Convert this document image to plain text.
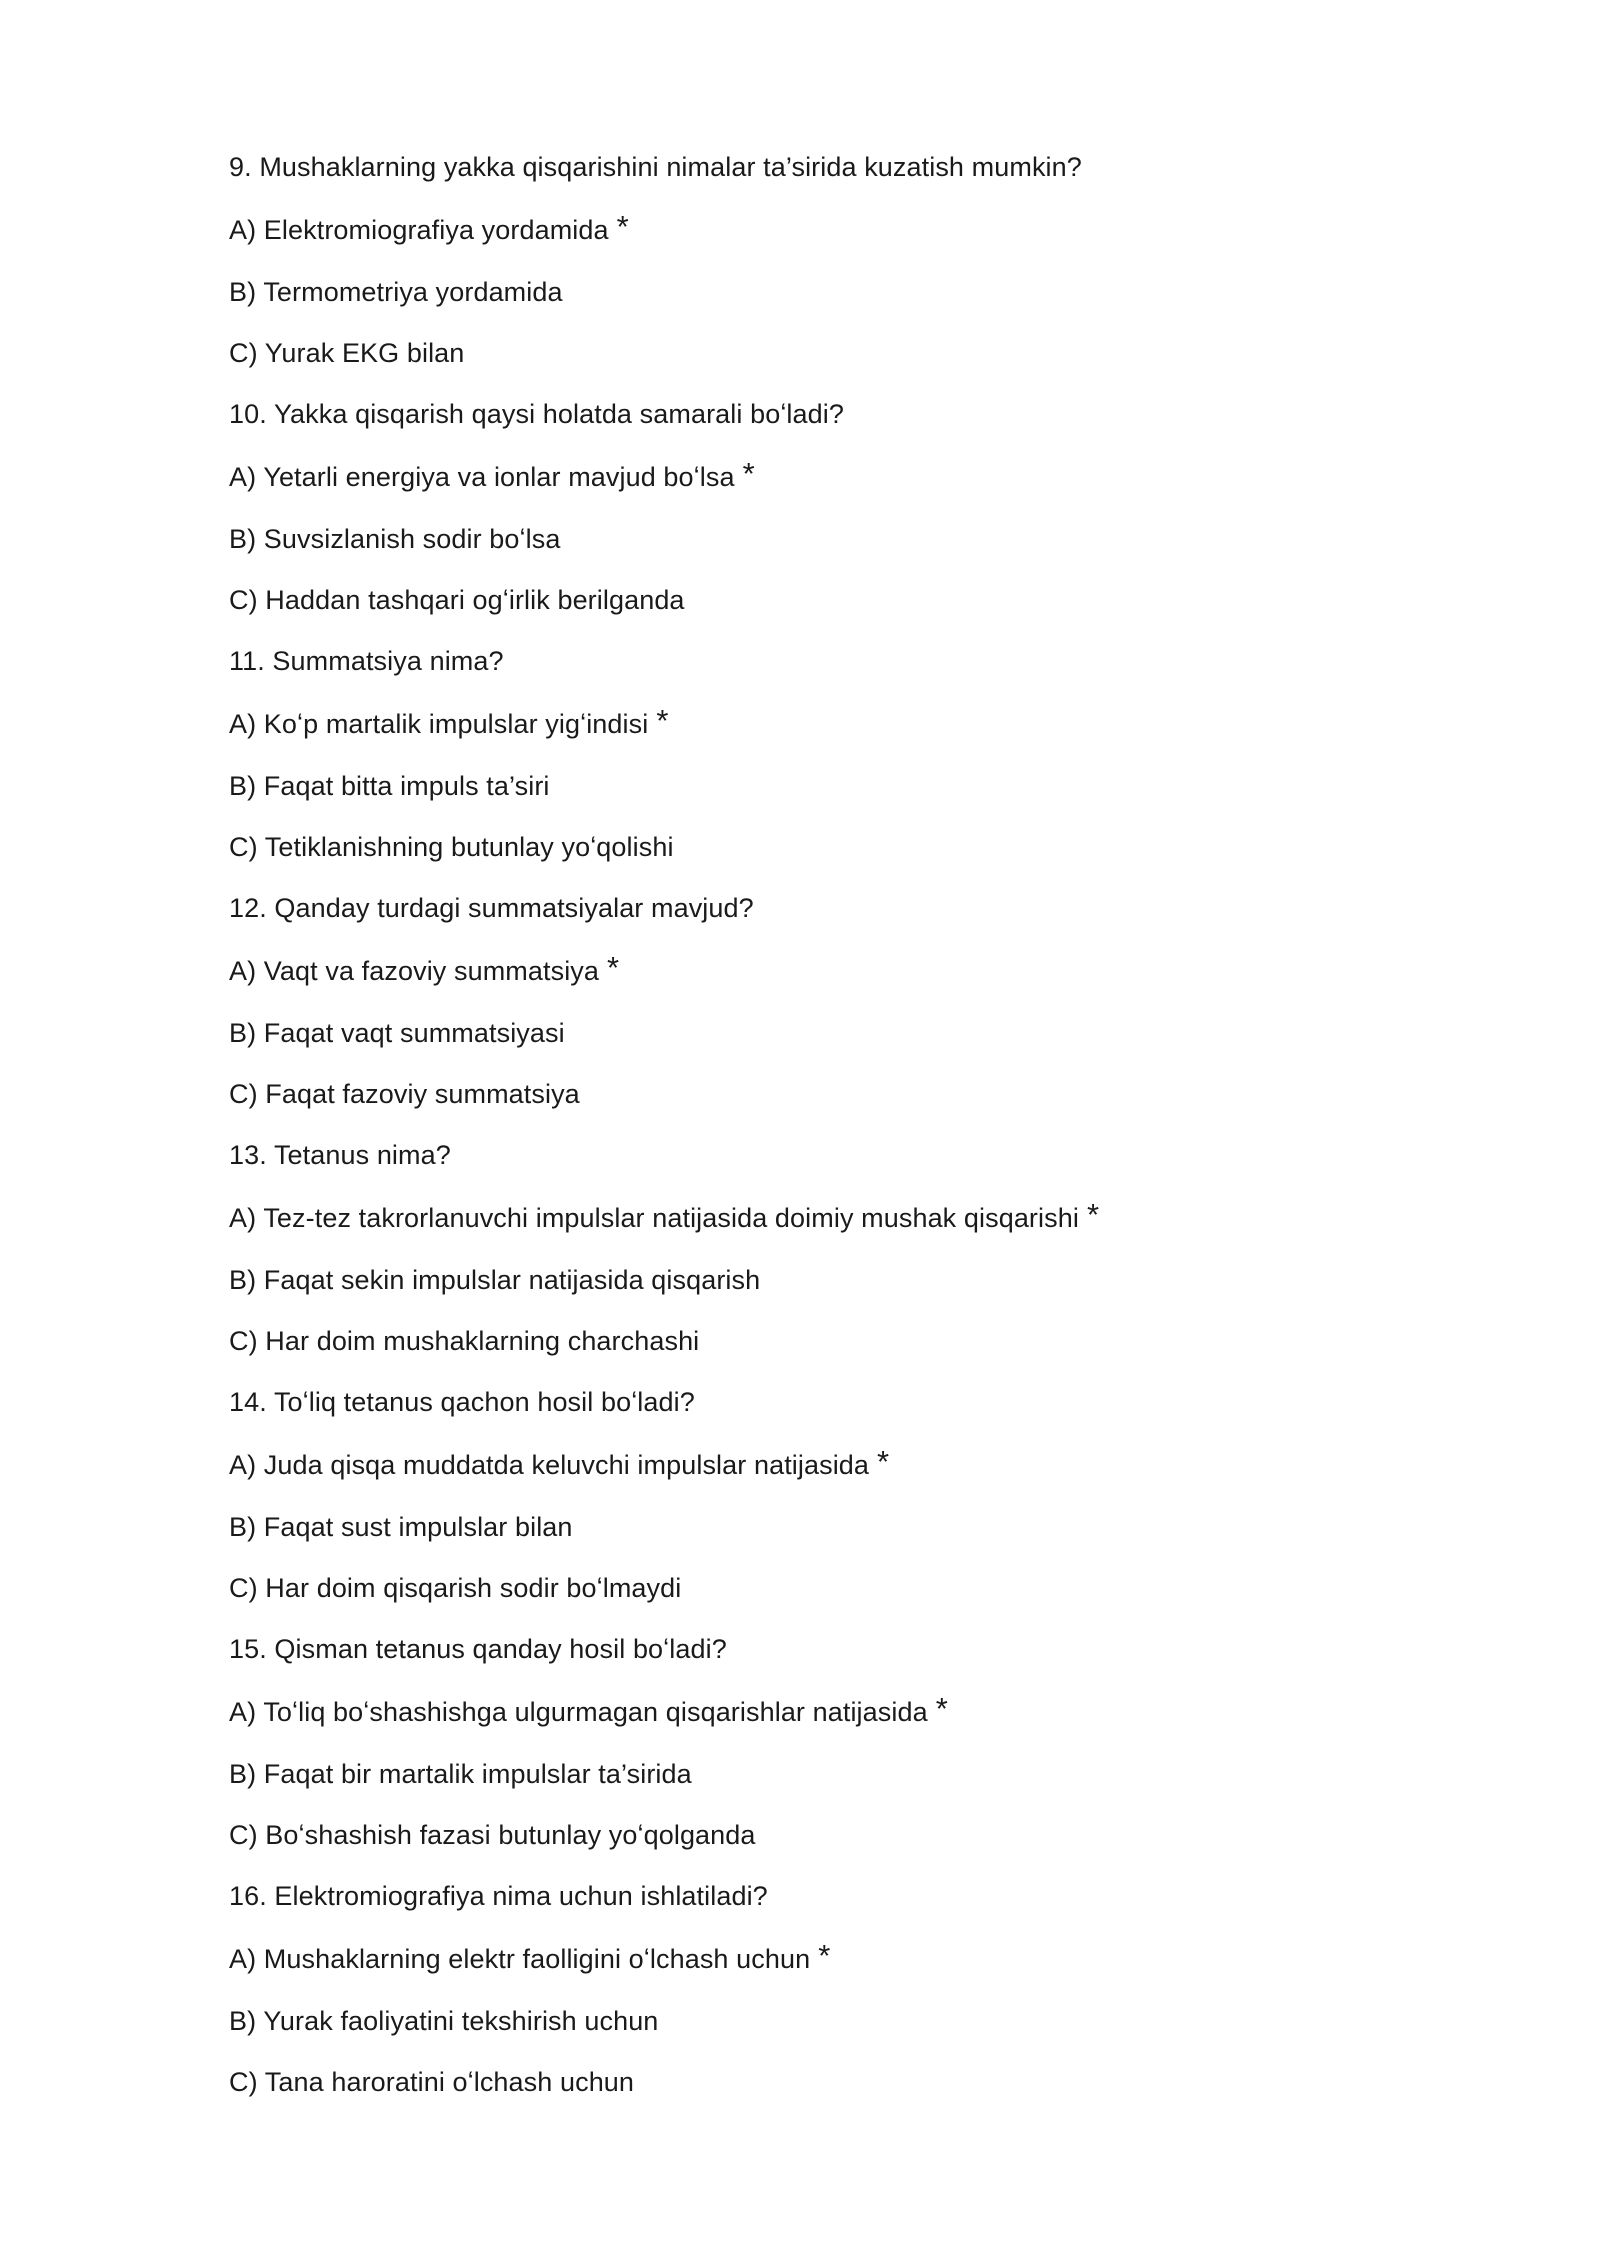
9. Mushaklarning yakka qisqarishini nimalar ta’sirida kuzatish mumkin?
A) Elektromiografiya yordamida *
B) Termometriya yordamida
C) Yurak EKG bilan
10. Yakka qisqarish qaysi holatda samarali boʻladi?
A) Yetarli energiya va ionlar mavjud boʻlsa *
B) Suvsizlanish sodir boʻlsa
C) Haddan tashqari ogʻirlik berilganda
11. Summatsiya nima?
A) Koʻp martalik impulslar yigʻindisi *
B) Faqat bitta impuls ta’siri
C) Tetiklanishning butunlay yoʻqolishi
12. Qanday turdagi summatsiyalar mavjud?
A) Vaqt va fazoviy summatsiya *
B) Faqat vaqt summatsiyasi
C) Faqat fazoviy summatsiya
13. Tetanus nima?
A) Tez-tez takrorlanuvchi impulslar natijasida doimiy mushak qisqarishi *
B) Faqat sekin impulslar natijasida qisqarish
C) Har doim mushaklarning charchashi
14. Toʻliq tetanus qachon hosil boʻladi?
A) Juda qisqa muddatda keluvchi impulslar natijasida *
B) Faqat sust impulslar bilan
C) Har doim qisqarish sodir boʻlmaydi
15. Qisman tetanus qanday hosil boʻladi?
A) Toʻliq boʻshashishga ulgurmagan qisqarishlar natijasida *
B) Faqat bir martalik impulslar ta’sirida
C) Boʻshashish fazasi butunlay yoʻqolganda
16. Elektromiografiya nima uchun ishlatiladi?
A) Mushaklarning elektr faolligini oʻlchash uchun *
B) Yurak faoliyatini tekshirish uchun
C) Tana haroratini oʻlchash uchun
